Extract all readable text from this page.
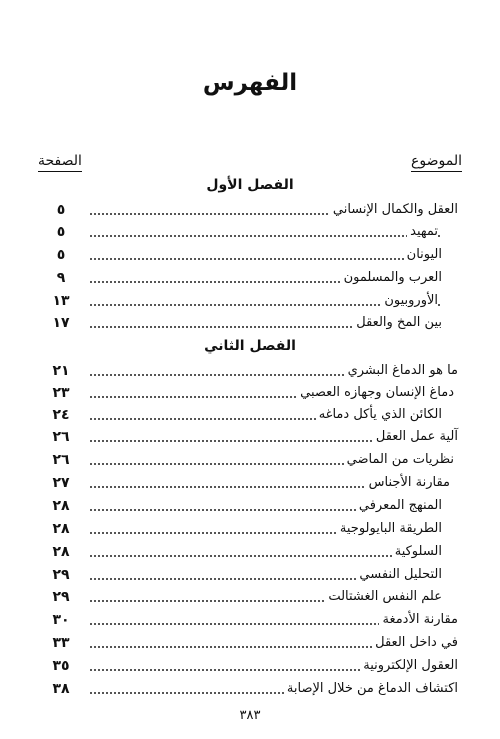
الفهرس
الموضوع
الصفحة
الفصل الأول
العقل والكمال الإنساني
٥
تمهيد
٥
اليونان
٥
العرب والمسلمون
٩
الأوروبيون
١٣
بين المخ والعقل
١٧
الفصل الثاني
ما هو الدماغ البشري
٢١
دماغ الإنسان وجهازه العصبي
٢٣
الكائن الذي يأكل دماغه
٢٤
آلية عمل العقل
٢٦
نظريات من الماضي
٢٦
مقارنة الأجناس
٢٧
المنهج المعرفي
٢٨
الطريقة البايولوجية
٢٨
السلوكية
٢٨
التحليل النفسي
٢٩
علم النفس الغشتالت
٢٩
مقارنة الأدمغة
٣٠
في داخل العقل
٣٣
العقول الإلكترونية
٣٥
اكتشاف الدماغ من خلال الإصابة
٣٨
٣٨٣
